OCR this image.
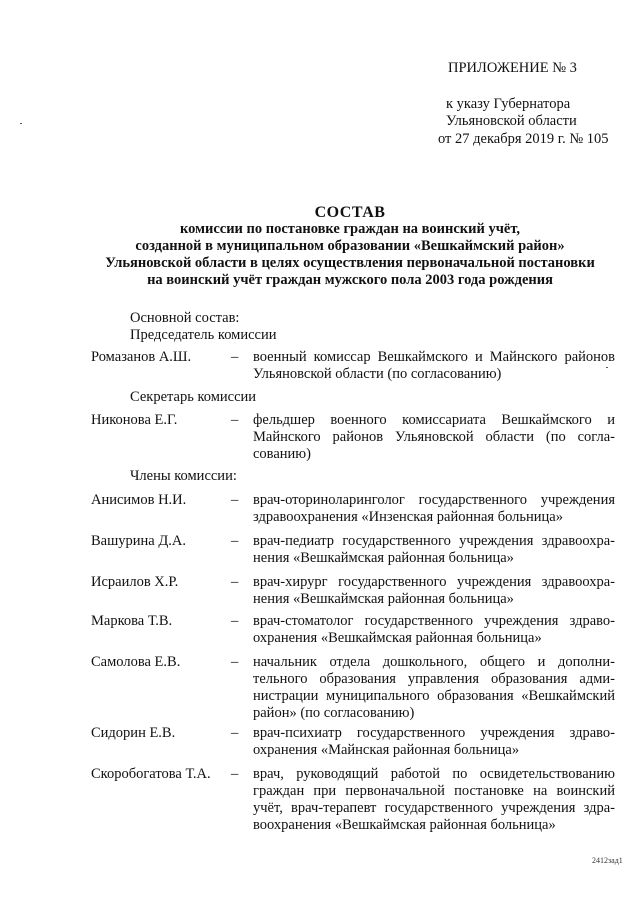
ПРИЛОЖЕНИЕ № 3
к указу Губернатора
Ульяновской области
от 27 декабря 2019 г. № 105
СОСТАВ
комиссии по постановке граждан на воинский учёт,
созданной в муниципальном образовании «Вешкаймский район»
Ульяновской области в целях осуществления первоначальной постановки
на воинский учёт граждан мужского пола 2003 года рождения
Основной состав:
Председатель комиссии
Ромазанов А.Ш.	– военный комиссар Вешкаймского и Майнского районов Ульяновской области (по согласованию)
Секретарь комиссии
Никонова Е.Г.	– фельдшер военного комиссариата Вешкаймского и Майнского районов Ульяновской области (по согласованию)
Члены комиссии:
Анисимов Н.И.	– врач-оториноларинголог государственного учреждения здравоохранения «Инзенская районная больница»
Вашурина Д.А.	– врач-педиатр государственного учреждения здравоохранения «Вешкаймская районная больница»
Исраилов Х.Р.	– врач-хирург государственного учреждения здравоохранения «Вешкаймская районная больница»
Маркова Т.В.	– врач-стоматолог государственного учреждения здравоохранения «Вешкаймская районная больница»
Самолова Е.В.	– начальник отдела дошкольного, общего и дополнительного образования управления образования администрации муниципального образования «Вешкаймский район» (по согласованию)
Сидорин Е.В.	– врач-психиатр государственного учреждения здравоохранения «Майнская районная больница»
Скоробогатова Т.А. – врач, руководящий работой по освидетельствованию граждан при первоначальной постановке на воинский учёт, врач-терапевт государственного учреждения здравоохранения «Вешкаймская районная больница»
2412зад1
